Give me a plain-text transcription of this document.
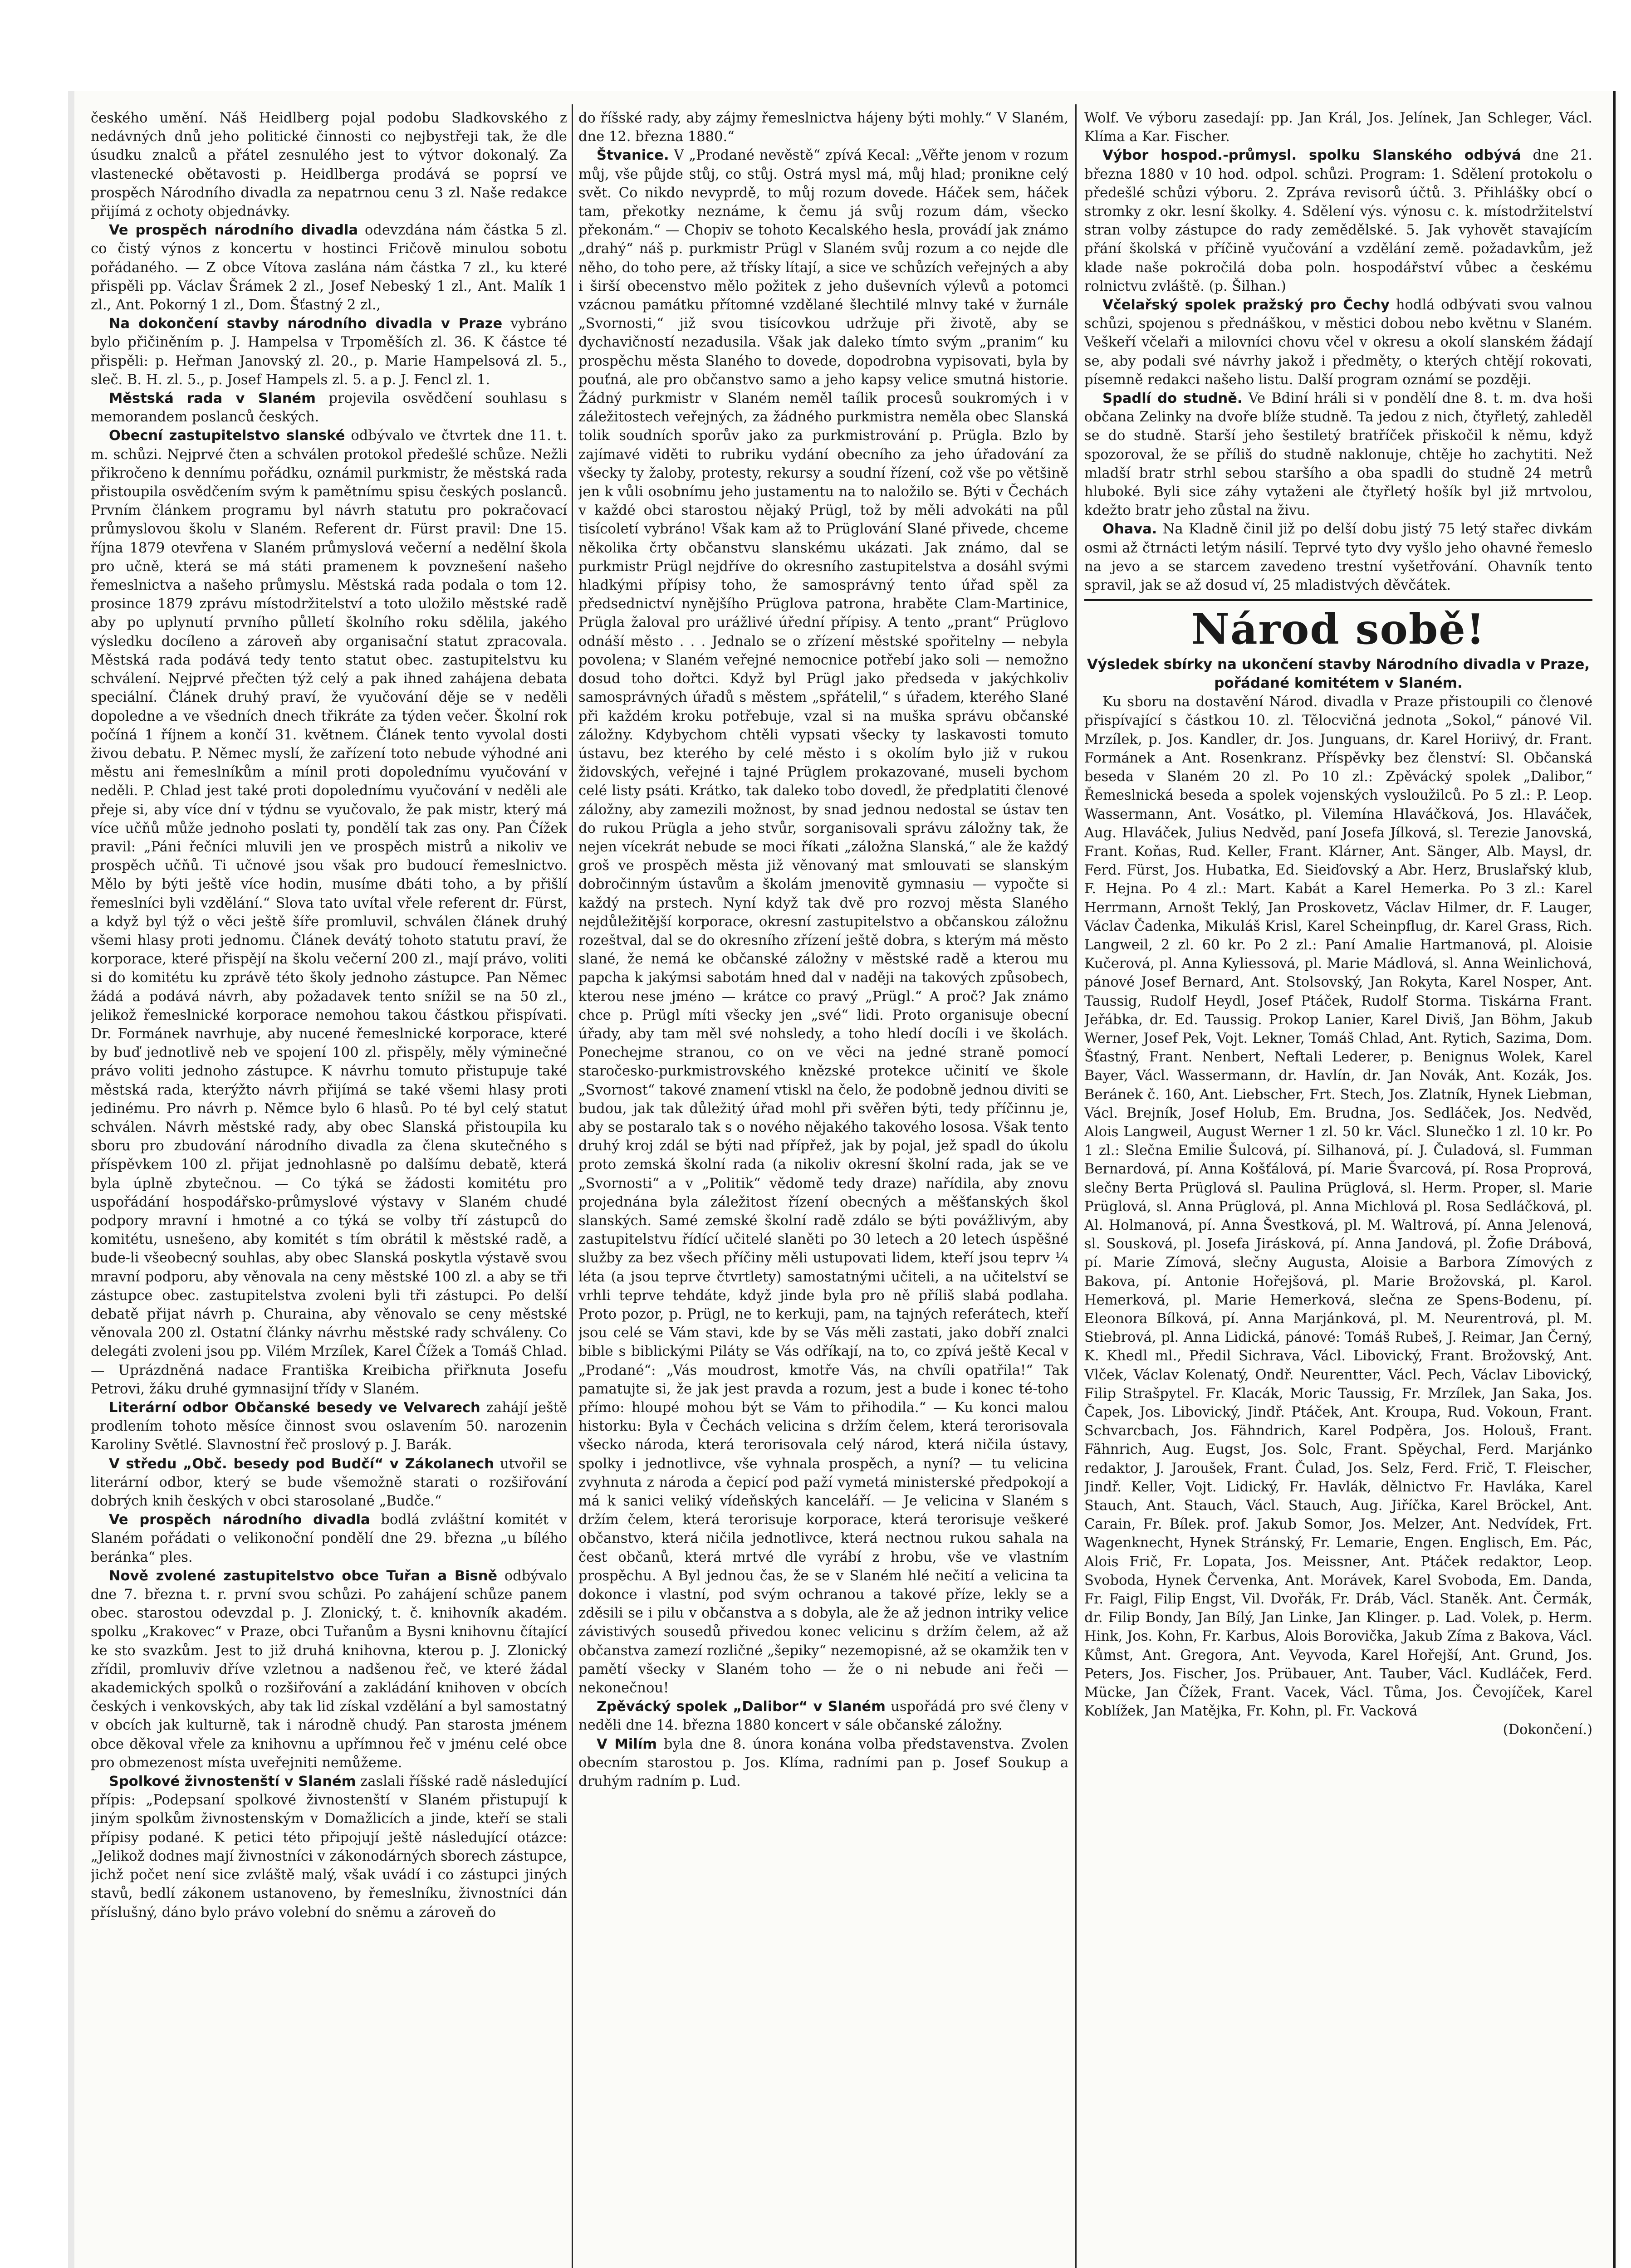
českého umění. Náš Heidlberg pojal podobu Sladkovského z nedávných dnů jeho politické činnosti co nejbystřeji tak, že dle úsudku znalců a přátel zesnulého jest to výtvor dokonalý. Za vlastenecké obětavosti p. Heidlberga prodává se poprsí ve prospěch Národního divadla za nepatrnou cenu 3 zl. Naše redakce přijímá z ochoty objednávky.

Ve prospěch národního divadla odevzdána nám částka 5 zl. co čistý výnos z koncertu v hostinci Fričově minulou sobotu pořádaného. — Z obce Vítova zaslána nám částka 7 zl., ku které přispěli pp. Václav Šrámek 2 zl., Josef Nebeský 1 zl., Ant. Malík 1 zl., Ant. Pokorný 1 zl., Dom. Šťastný 2 zl.,

Na dokončení stavby národního divadla v Praze vybráno bylo přičiněním p. J. Hampelsa v Trpoměších zl. 36. K částce té přispěli: p. Heřman Janovský zl. 20., p. Marie Hampelsová zl. 5., sleč. B. H. zl. 5., p. Josef Hampels zl. 5. a p. J. Fencl zl. 1.

Městská rada v Slaném projevila osvědčení souhlasu s memorandem poslanců českých.

Obecní zastupitelstvo slanské odbývalo ve čtvrtek dne 11. t. m. schůzi. Nejprvé čten a schválen protokol předešlé schůze. Nežli přikročeno k dennímu pořádku, oznámil purkmistr, že městská rada přistoupila osvědčením svým k pamětnímu spisu českých poslanců. Prvním článkem programu byl návrh statutu pro pokračovací průmyslovou školu v Slaném. Referent dr. Fürst pravil: Dne 15. října 1879 otevřena v Slaném průmyslová večerní a nedělní škola pro učně, která se má státi pramenem k povznešení našeho řemeslnictva a našeho průmyslu. Městská rada podala o tom 12. prosince 1879 zprávu místodržitelství a toto uložilo městské radě aby po uplynutí prvního půlletí školního roku sdělila, jakého výsledku docíleno a zároveň aby organisační statut zpracovala. Městská rada podává tedy tento statut obec. zastupitelstvu ku schválení. Nejprvé přečten týž celý a pak ihned zahájena debata speciální. Článek druhý praví, že vyučování děje se v neděli dopoledne a ve všedních dnech třikráte za týden večer. Školní rok počíná 1 říjnem a končí 31. květnem. Článek tento vyvolal dosti živou debatu. P. Němec myslí, že zařízení toto nebude výhodné ani městu ani řemeslníkům a mínil proti dopolednímu vyučování v neděli. P. Chlad jest také proti dopolednímu vyučování v neděli ale přeje si, aby více dní v týdnu se vyučovalo, že pak mistr, který má více učňů může jednoho poslati ty, pondělí tak zas ony. Pan Čížek pravil: „Páni řečníci mluvili jen ve prospěch mistrů a nikoliv ve prospěch učňů. Ti učnové jsou však pro budoucí řemeslnictvo. Mělo by býti ještě více hodin, musíme dbáti toho, a by přišlí řemeslníci byli vzdělání.“ Slova tato uvítal vřele referent dr. Fürst, a když byl týž o věci ještě šíře promluvil, schválen článek druhý všemi hlasy proti jednomu. Článek devátý tohoto statutu praví, že korporace, které přispějí na školu večerní 200 zl., mají právo, voliti si do komitétu ku zprávě této školy jednoho zástupce. Pan Němec žádá a podává návrh, aby požadavek tento snížil se na 50 zl., jelikož řemeslnické korporace nemohou takou částkou přispívati. Dr. Formánek navrhuje, aby nucené řemeslnické korporace, které by buď jednotlivě neb ve spojení 100 zl. přispěly, měly výminečné právo voliti jednoho zástupce. K návrhu tomuto přistupuje také městská rada, kterýžto návrh přijímá se také všemi hlasy proti jedinému. Pro návrh p. Němce bylo 6 hlasů. Po té byl celý statut schválen. Návrh městské rady, aby obec Slanská přistoupila ku sboru pro zbudování národního divadla za člena skutečného s příspěvkem 100 zl. přijat jednohlasně po dalšímu debatě, která byla úplně zbytečnou. — Co týká se žádosti komitétu pro uspořádání hospodářsko-průmyslové výstavy v Slaném chudé podpory mravní i hmotné a co týká se volby tří zástupců do komitétu, usnešeno, aby komitét s tím obrátil k městské radě, a bude-li všeobecný souhlas, aby obec Slanská poskytla výstavě svou mravní podporu, aby věnovala na ceny městské 100 zl. a aby se tři zástupce obec. zastupitelstva zvoleni byli tři zástupci. Po delší debatě přijat návrh p. Churaina, aby věnovalo se ceny městské věnovala 200 zl. Ostatní články návrhu městské rady schváleny. Co delegáti zvoleni jsou pp. Vilém Mrzílek, Karel Čížek a Tomáš Chlad. — Uprázdněná nadace Františka Kreibicha přiřknuta Josefu Petrovi, žáku druhé gymnasijní třídy v Slaném.

Literární odbor Občanské besedy ve Velvarech zahájí ještě prodlením tohoto měsíce činnost svou oslavením 50. narozenin Karoliny Světlé. Slavnostní řeč proslový p. J. Barák.

V středu „Obč. besedy pod Budčí“ v Zákolanech utvořil se literární odbor, který se bude všemožně starati o rozšiřování dobrých knih českých v obci starosolané „Budče.“

Ve prospěch národního divadla bodlá zvláštní komitét v Slaném pořádati o velikonoční pondělí dne 29. března „u bílého beránka“ ples.

Nově zvolené zastupitelstvo obce Tuřan a Bisně odbývalo dne 7. března t. r. první svou schůzi. Po zahájení schůze panem obec. starostou odevzdal p. J. Zlonický, t. č. knihovník akadém. spolku „Krakovec“ v Praze, obci Tuřanům a Bysni knihovnu čítající ke sto svazkům. Jest to již druhá knihovna, kterou p. J. Zlonický zřídil, promluviv dříve vzletnou a nadšenou řeč, ve které žádal akademických spolků o rozšiřování a zakládání knihoven v obcích českých i venkovských, aby tak lid získal vzdělání a byl samostatný v obcích jak kulturně, tak i národně chudý. Pan starosta jménem obce děkoval vřele za knihovnu a upřímnou řeč v jménu celé obce pro obmezenost místa uveřejniti nemůžeme.

Spolkové živnostenští v Slaném zaslali říšské radě následující přípis: „Podepsaní spolkové živnostenští v Slaném přistupují k jiným spolkům živnostenským v Domažlicích a jinde, kteří se stali přípisy podané. K petici této připojují ještě následující otázce: „Jelikož dodnes mají živnostníci v zákonodárných sborech zástupce, jichž počet není sice zvláště malý, však uvádí i co zástupci jiných stavů, bedlí zákonem ustanoveno, by řemeslníku, živnostníci dán příslušný, dáno bylo právo volební do sněmu a zároveň do

do říšské rady, aby zájmy řemeslnictva hájeny býti mohly.“ V Slaném, dne 12. března 1880.“

Štvanice. V „Prodané nevěstě“ zpívá Kecal: „Věřte jenom v rozum můj, vše půjde stůj, co stůj. Ostrá mysl má, můj hlad; pronikne celý svět. Co nikdo nevyprdě, to můj rozum dovede. Háček sem, háček tam, překotky neznáme, k čemu já svůj rozum dám, všecko překonám.“ — Chopiv se tohoto Kecalského hesla, provádí jak známo „drahý“ náš p. purkmistr Prügl v Slaném svůj rozum a co nejde dle něho, do toho pere, až třísky lítají, a sice ve schůzích veřejných a aby i širší obecenstvo mělo požitek z jeho duševních výlevů a potomci vzácnou památku přítomné vzdělané šlechtilé mlnvy také v žurnále „Svornosti,“ již svou tisícovkou udržuje při životě, aby se dychavičností nezadusila. Však jak daleko tímto svým „pranim“ ku prospěchu města Slaného to dovede, dopodrobna vypisovati, byla by pouťná, ale pro občanstvo samo a jeho kapsy velice smutná historie. Žádný purkmistr v Slaném neměl taílik procesů soukromých i v záležitostech veřejných, za žádného purkmistra neměla obec Slanská tolik soudních sporův jako za purkmistrování p. Prügla. Bzlo by zajímavé viděti to rubriku vydání obecního za jeho úřadování za všecky ty žaloby, protesty, rekursy a soudní řízení, což vše po většině jen k vůli osobnímu jeho justamentu na to naložilo se. Býti v Čechách v každé obci starostou nějaký Prügl, tož by měli advokáti na půl tisícoletí vybráno! Však kam až to Prüglování Slané přivede, chceme několika črty občanstvu slanskému ukázati. Jak známo, dal se purkmistr Prügl nejdříve do okresního zastupitelstva a dosáhl svými hladkými přípisy toho, že samosprávný tento úřad spěl za předsednictví nynějšího Prüglova patrona, hraběte Clam-Martinice, Prügla žaloval pro urážlivé úřední přípisy. A tento „prant“ Prüglovo odnáší město . . . Jednalo se o zřízení městské spořitelny — nebyla povolena; v Slaném veřejné nemocnice potřebí jako soli — nemožno dosud toho dořtci. Když byl Prügl jako předseda v jakýchkoliv samosprávných úřadů s městem „spřátelil,“ s úřadem, kterého Slané při každém kroku potřebuje, vzal si na muška správu občanské záložny. Kdybychom chtěli vypsati všecky ty laskavosti tomuto ústavu, bez kterého by celé město i s okolím bylo již v rukou židovských, veřejné i tajné Prüglem prokazované, museli bychom celé listy psáti. Krátko, tak daleko tobo dovedl, že předplatiti členové záložny, aby zamezili možnost, by snad jednou nedostal se ústav ten do rukou Prügla a jeho stvůr, sorganisovali správu záložny tak, že nejen vícekrát nebude se moci říkati „záložna Slanská,“ ale že každý groš ve prospěch města již věnovaný mat smlouvati se slanským dobročinným ústavům a školám jmenovitě gymnasiu — vypočte si každý na prstech. Nyní když tak dvě pro rozvoj města Slaného nejdůležitější korporace, okresní zastupitelstvo a občanskou záložnu rozeštval, dal se do okresního zřízení ještě dobra, s kterým má město slané, že nemá ke občanské záložny v městské radě a kterou mu papcha k jakýmsi sabotám hned dal v naději na takových způsobech, kterou nese jméno — krátce co pravý „Prügl.“ A proč? Jak známo chce p. Prügl míti všecky jen „své“ lidi. Proto organisuje obecní úřady, aby tam měl své nohsledy, a toho hledí docíli i ve školách. Ponechejme stranou, co on ve věci na jedné straně pomocí staročesko-purkmistrovského knězské protekce učinití ve škole „Svornost“ takové znamení vtiskl na čelo, že podobně jednou diviti se budou, jak tak důležitý úřad mohl při svěřen býti, tedy příčinnu je, aby se postaralo tak s o nového nějakého takového lososa. Však tento druhý kroj zdál se býti nad přípřež, jak by pojal, jež spadl do úkolu proto zemská školní rada (a nikoliv okresní školní rada, jak se ve „Svornosti“ a v „Politik“ vědomě tedy draze) nařídila, aby znovu projednána byla záležitost řízení obecných a měšťanských škol slanských. Samé zemské školní radě zdálo se býti povážlivým, aby zastupitelstvu řídící učitelé slaněti po 30 letech a 20 letech úspěšné služby za bez všech příčiny měli ustupovati lidem, kteří jsou teprv ¼ léta (a jsou teprve čtvrtlety) samostatnými učiteli, a na učitelství se vrhli teprve tehdáte, když jinde byla pro ně příliš slabá podlaha. Proto pozor, p. Prügl, ne to kerkuji, pam, na tajných referátech, kteří jsou celé se Vám stavi, kde by se Vás měli zastati, jako dobří znalci bible s biblickými Piláty se Vás odříkají, na to, co zpívá ještě Kecal v „Prodané“: „Vás moudrost, kmotře Vás, na chvíli opatřila!“ Tak pamatujte si, že jak jest pravda a rozum, jest a bude i konec té-toho přímo: hloupé mohou být se Vám to přihodila.“ — Ku konci malou historku: Byla v Čechách velicina s držím čelem, která terorisovala všecko národa, která terorisovala celý národ, která ničila ústavy, spolky i jednotlivce, vše vyhnala prospěch, a nyní? — tu velicina zvyhnuta z národa a čepicí pod paží vymetá ministerské předpokojí a má k sanici veliký vídeňských kanceláří. — Je velicina v Slaném s držím čelem, která terorisuje korporace, která terorisuje veškeré občanstvo, která ničila jednotlivce, která nectnou rukou sahala na čest občanů, která mrtvé dle vyrábí z hrobu, vše ve vlastním prospěchu. A Byl jednou čas, že se v Slaném hlé nečití a velicina ta dokonce i vlastní, pod svým ochranou a takové příze, lekly se a zděsili se i pilu v občanstva a s dobyla, ale že až jednon intriky velice závistivých sousedů přivedou konec velicinu s držím čelem, až až občanstva zamezí rozličné „šepiky“ nezemopisné, až se okamžik ten v pamětí všecky v Slaném toho — že o ni nebude ani řeči — nekonečnou!

Zpěvácký spolek „Dalibor“ v Slaném uspořádá pro své členy v neděli dne 14. března 1880 koncert v sále občanské záložny.

V Milím byla dne 8. února konána volba představenstva. Zvolen obecním starostou p. Jos. Klíma, radními pan p. Josef Soukup a druhým radním p. Lud.

Wolf. Ve výboru zasedají: pp. Jan Král, Jos. Jelínek, Jan Schleger, Václ. Klíma a Kar. Fischer.

Výbor hospod.-průmysl. spolku Slanského odbývá dne 21. března 1880 v 10 hod. odpol. schůzi. Program: 1. Sdělení protokolu o předešlé schůzi výboru. 2. Zpráva revisorů účtů. 3. Přihlášky obcí o stromky z okr. lesní školky. 4. Sdělení výs. výnosu c. k. místodržitelství stran volby zástupce do rady zemědělské. 5. Jak vyhovět stavajícím přání školská v příčině vyučování a vzdělání země. požadavkům, jež klade naše pokročilá doba poln. hospodářství vůbec a českému rolnictvu zvláště. (p. Šilhan.)

Včelařský spolek pražský pro Čechy hodlá odbývati svou valnou schůzi, spojenou s přednáškou, v městici dobou nebo květnu v Slaném. Veškeří včelaři a milovníci chovu včel v okresu a okolí slanském žádají se, aby podali své návrhy jakož i předměty, o kterých chtějí rokovati, písemně redakci našeho listu. Další program oznámí se později.

Spadlí do studně. Ve Bdiní hráli si v pondělí dne 8. t. m. dva hoši občana Zelinky na dvoře blíže studně. Ta jedou z nich, čtyřletý, zahleděl se do studně. Starší jeho šestiletý bratříček přiskočil k němu, když spozoroval, že se příliš do studně naklonuje, chtěje ho zachytiti. Než mladší bratr strhl sebou staršího a oba spadli do studně 24 metrů hluboké. Byli sice záhy vytaženi ale čtyřletý hošík byl již mrtvolou, kdežto bratr jeho zůstal na živu.

Ohava. Na Kladně činil již po delší dobu jistý 75 letý stařec divkám osmi až čtrnácti letým násilí. Teprvé tyto dvy vyšlo jeho ohavné řemeslo na jevo a se starcem zavedeno trestní vyšetřování. Ohavník tento spravil, jak se až dosud ví, 25 mladistvých děvčátek.

Národ sobě!
Výsledek sbírky na ukončení stavby Národního divadla v Praze, pořádané komitétem v Slaném.

Ku sboru na dostavění Národ. divadla v Praze přistoupili co členové přispívající s částkou 10. zl. Tělocvičná jednota „Sokol,“ pánové Vil. Mrzílek, p. Jos. Kandler, dr. Jos. Junguans, dr. Karel Horiivý, dr. Frant. Formánek a Ant. Rosenkranz. Příspěvky bez členství: Sl. Občanská beseda v Slaném 20 zl. Po 10 zl.: Zpěvácký spolek „Dalibor,“ Řemeslnická beseda a spolek vojenských vysloužilců. Po 5 zl.: P. Leop. Wassermann, Ant. Vosátko, pl. Vilemína Hlaváčková, Jos. Hlaváček, Aug. Hlaváček, Julius Nedvěd, paní Josefa Jílková, sl. Terezie Janovská, Frant. Koňas, Rud. Keller, Frant. Klárner, Ant. Sänger, Alb. Maysl, dr. Ferd. Fürst, Jos. Hubatka, Ed. Sieiďovský a Abr. Herz, Bruslařský klub, F. Hejna. Po 4 zl.: Mart. Kabát a Karel Hemerka. Po 3 zl.: Karel Herrmann, Arnošt Teklý, Jan Proskovetz, Václav Hilmer, dr. F. Lauger, Václav Čadenka, Mikuláš Krisl, Karel Scheinpflug, dr. Karel Grass, Rich. Langweil, 2 zl. 60 kr. Po 2 zl.: Paní Amalie Hartmanová, pl. Aloisie Kučerová, pl. Anna Kyliessová, pl. Marie Mádlová, sl. Anna Weinlichová, pánové Josef Bernard, Ant. Stolsovský, Jan Rokyta, Karel Nosper, Ant. Taussig, Rudolf Heydl, Josef Ptáček, Rudolf Storma. Tiskárna Frant. Jeřábka, dr. Ed. Taussig. Prokop Lanier, Karel Diviš, Jan Böhm, Jakub Werner, Josef Pek, Vojt. Lekner, Tomáš Chlad, Ant. Rytich, Sazima, Dom. Šťastný, Frant. Nenbert, Neftali Lederer, p. Benignus Wolek, Karel Bayer, Václ. Wassermann, dr. Havlín, dr. Jan Novák, Ant. Kozák, Jos. Beránek č. 160, Ant. Liebscher, Frt. Stech, Jos. Zlatník, Hynek Liebman, Václ. Brejník, Josef Holub, Em. Brudna, Jos. Sedláček, Jos. Nedvěd, Alois Langweil, August Werner 1 zl. 50 kr. Václ. Slunečko 1 zl. 10 kr. Po 1 zl.: Slečna Emilie Šulcová, pí. Silhanová, pí. J. Čuladová, sl. Fumman Bernardová, pí. Anna Košťálová, pí. Marie Švarcová, pí. Rosa Proprová, slečny Berta Prüglová sl. Paulina Prüglová, sl. Herm. Proper, sl. Marie Prüglová, sl. Anna Prüglová, pl. Anna Michlová pl. Rosa Sedláčková, pl. Al. Holmanová, pí. Anna Švestková, pl. M. Waltrová, pí. Anna Jelenová, sl. Sousková, pl. Josefa Jirásková, pí. Anna Jandová, pl. Žofie Drábová, pí. Marie Zímová, slečny Augusta, Aloisie a Barbora Zímových z Bakova, pí. Antonie Hořejšová, pl. Marie Brožovská, pl. Karol. Hemerková, pl. Marie Hemerková, slečna ze Spens-Bodenu, pí. Eleonora Bílková, pí. Anna Marjánková, pl. M. Neurentrová, pl. M. Stiebrová, pl. Anna Lidická, pánové: Tomáš Rubeš, J. Reimar, Jan Černý, K. Khedl ml., Předil Sichrava, Václ. Libovický, Frant. Brožovský, Ant. Vlček, Václav Kolenatý, Ondř. Neurentter, Václ. Pech, Václav Libovický, Filip Strašpytel. Fr. Klacák, Moric Taussig, Fr. Mrzílek, Jan Saka, Jos. Čapek, Jos. Libovický, Jindř. Ptáček, Ant. Kroupa, Rud. Vokoun, Frant. Schvarcbach, Jos. Fähndrich, Karel Podpěra, Jos. Holouš, Frant. Fähnrich, Aug. Eugst, Jos. Solc, Frant. Spěychal, Ferd. Marjánko redaktor, J. Jaroušek, Frant. Čulad, Jos. Selz, Ferd. Frič, T. Fleischer, Jindř. Keller, Vojt. Lidický, Fr. Havlák, dělnictvo Fr. Havláka, Karel Stauch, Ant. Stauch, Václ. Stauch, Aug. Jiříčka, Karel Bröckel, Ant. Carain, Fr. Bílek. prof. Jakub Somor, Jos. Melzer, Ant. Nedvídek, Frt. Wagenknecht, Hynek Stránský, Fr. Lemarie, Engen. Englisch, Em. Pác, Alois Frič, Fr. Lopata, Jos. Meissner, Ant. Ptáček redaktor, Leop. Svoboda, Hynek Červenka, Ant. Morávek, Karel Svoboda, Em. Danda, Fr. Faigl, Filip Engst, Vil. Dvořák, Fr. Dráb, Václ. Staněk. Ant. Čermák, dr. Filip Bondy, Jan Bílý, Jan Linke, Jan Klinger. p. Lad. Volek, p. Herm. Hink, Jos. Kohn, Fr. Karbus, Alois Borovička, Jakub Zíma z Bakova, Václ. Kůmst, Ant. Gregora, Ant. Veyvoda, Karel Hořejší, Ant. Grund, Jos. Peters, Jos. Fischer, Jos. Prübauer, Ant. Tauber, Václ. Kudláček, Ferd. Mücke, Jan Čížek, Frant. Vacek, Václ. Tůma, Jos. Čevojíček, Karel Koblížek, Jan Matějka, Fr. Kohn, pl. Fr. Vacková

(Dokončení.)
